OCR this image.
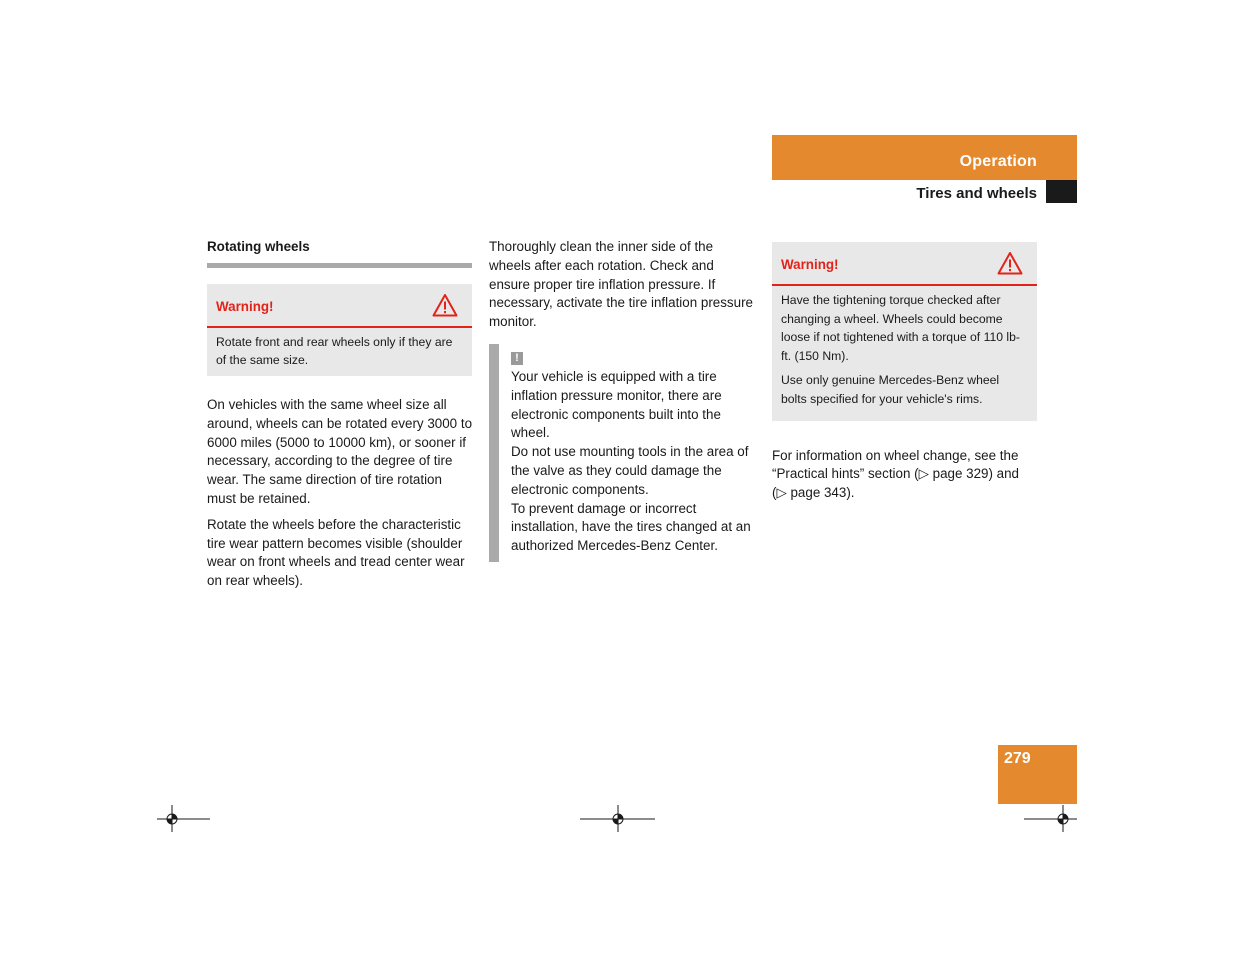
Operation
Tires and wheels
Rotating wheels
Warning!
Rotate front and rear wheels only if they are of the same size.

On vehicles with the same wheel size all around, wheels can be rotated every 3000 to 6000 miles (5000 to 10000 km), or sooner if necessary, according to the degree of tire wear. The same direction of tire rotation must be retained.

Rotate the wheels before the characteristic tire wear pattern becomes visible (shoulder wear on front wheels and tread center wear on rear wheels).

Thoroughly clean the inner side of the wheels after each rotation. Check and ensure proper tire inflation pressure. If necessary, activate the tire inflation pressure monitor.

!

Your vehicle is equipped with a tire inflation pressure monitor, there are electronic components built into the wheel.

Do not use mounting tools in the area of the valve as they could damage the electronic components.

To prevent damage or incorrect installation, have the tires changed at an authorized Mercedes-Benz Center.

Warning!

Have the tightening torque checked after changing a wheel. Wheels could become loose if not tightened with a torque of 110 lb-ft. (150 Nm).

Use only genuine Mercedes-Benz wheel bolts specified for your vehicle's rims.

For information on wheel change, see the “Practical hints” section (▷ page 329) and (▷ page 343).

279
